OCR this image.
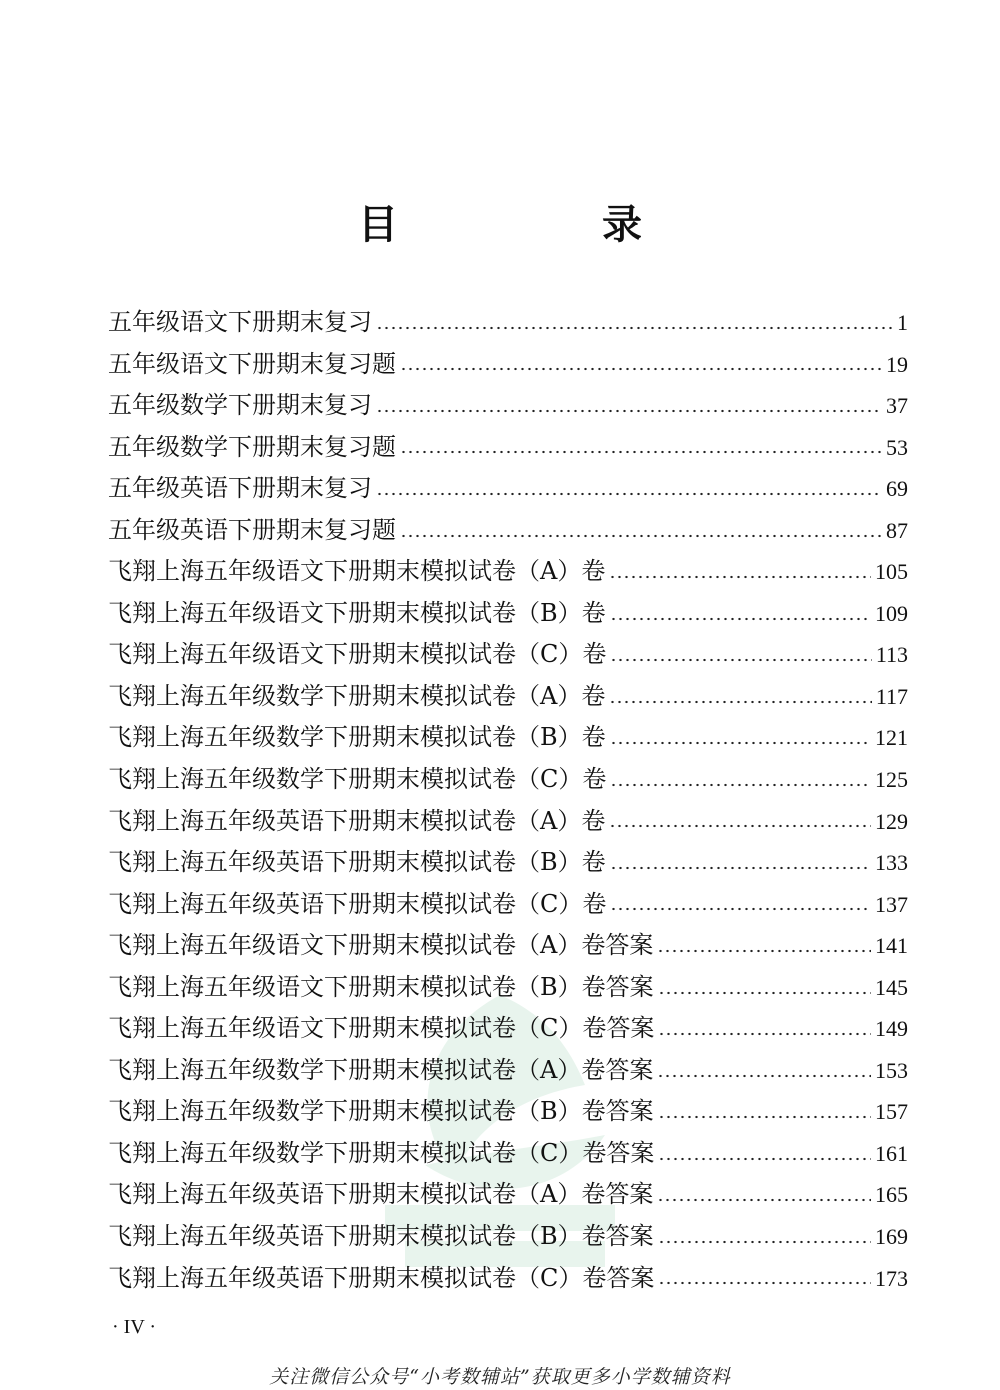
目　录
五年级语文下册期末复习	1
五年级语文下册期末复习题	19
五年级数学下册期末复习	37
五年级数学下册期末复习题	53
五年级英语下册期末复习	69
五年级英语下册期末复习题	87
飞翔上海五年级语文下册期末模拟试卷（A）卷	105
飞翔上海五年级语文下册期末模拟试卷（B）卷	109
飞翔上海五年级语文下册期末模拟试卷（C）卷	113
飞翔上海五年级数学下册期末模拟试卷（A）卷	117
飞翔上海五年级数学下册期末模拟试卷（B）卷	121
飞翔上海五年级数学下册期末模拟试卷（C）卷	125
飞翔上海五年级英语下册期末模拟试卷（A）卷	129
飞翔上海五年级英语下册期末模拟试卷（B）卷	133
飞翔上海五年级英语下册期末模拟试卷（C）卷	137
飞翔上海五年级语文下册期末模拟试卷（A）卷答案	141
飞翔上海五年级语文下册期末模拟试卷（B）卷答案	145
飞翔上海五年级语文下册期末模拟试卷（C）卷答案	149
飞翔上海五年级数学下册期末模拟试卷（A）卷答案	153
飞翔上海五年级数学下册期末模拟试卷（B）卷答案	157
飞翔上海五年级数学下册期末模拟试卷（C）卷答案	161
飞翔上海五年级英语下册期末模拟试卷（A）卷答案	165
飞翔上海五年级英语下册期末模拟试卷（B）卷答案	169
飞翔上海五年级英语下册期末模拟试卷（C）卷答案	173
· IV ·
关注微信公众号“小考数辅站”获取更多小学数辅资料
